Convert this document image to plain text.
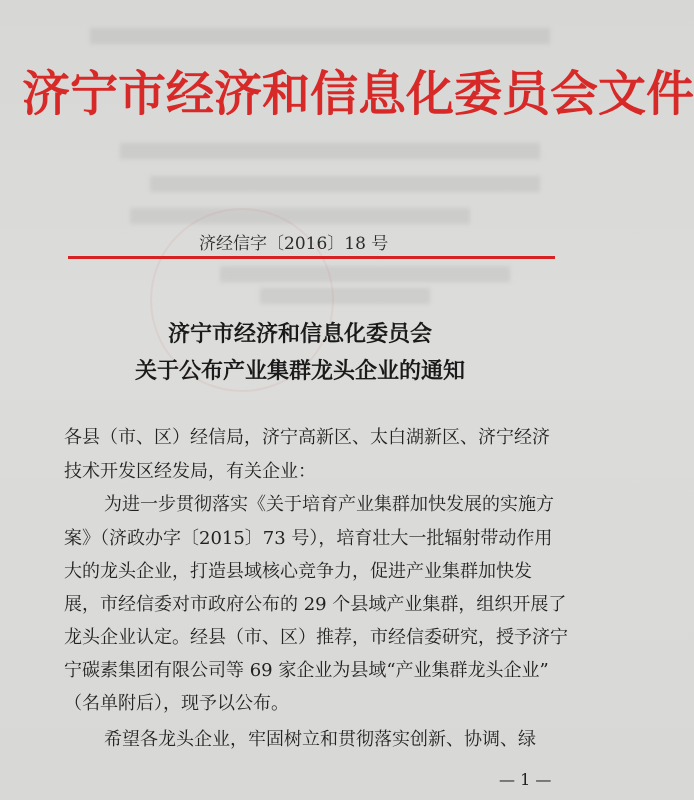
济宁市经济和信息化委员会文件
济经信字〔2016〕18 号
济宁市经济和信息化委员会
关于公布产业集群龙头企业的通知
各县（市、区）经信局，济宁高新区、太白湖新区、济宁经济
技术开发区经发局，有关企业：
为进一步贯彻落实《关于培育产业集群加快发展的实施方
案》（济政办字〔2015〕73 号），培育壮大一批辐射带动作用
大的龙头企业，打造县域核心竞争力，促进产业集群加快发
展，市经信委对市政府公布的 29 个县域产业集群，组织开展了
龙头企业认定。经县（市、区）推荐，市经信委研究，授予济宁
宁碳素集团有限公司等 69 家企业为县域“产业集群龙头企业”
（名单附后），现予以公布。
希望各龙头企业，牢固树立和贯彻落实创新、协调、绿
— 1 —
